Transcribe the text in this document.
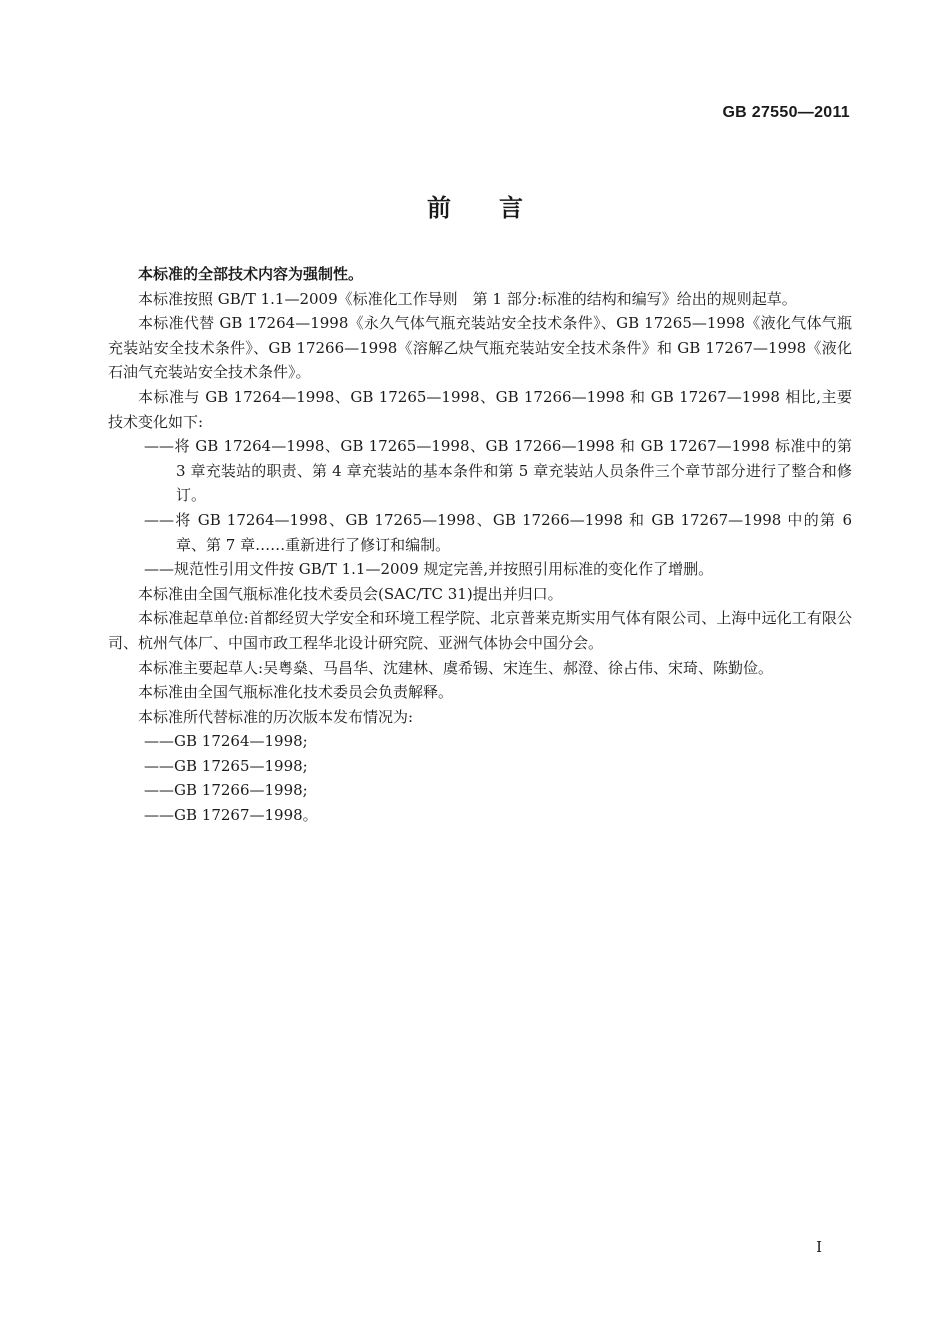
GB 27550—2011
前言

本标准的全部技术内容为强制性。

本标准按照 GB/T 1.1—2009《标准化工作导则　第 1 部分:标准的结构和编写》给出的规则起草。

本标准代替 GB 17264—1998《永久气体气瓶充装站安全技术条件》、GB 17265—1998《液化气体气瓶充装站安全技术条件》、GB 17266—1998《溶解乙炔气瓶充装站安全技术条件》和 GB 17267—1998《液化石油气充装站安全技术条件》。

本标准与 GB 17264—1998、GB 17265—1998、GB 17266—1998 和 GB 17267—1998 相比,主要技术变化如下:

——将 GB 17264—1998、GB 17265—1998、GB 17266—1998 和 GB 17267—1998 标准中的第 3 章充装站的职责、第 4 章充装站的基本条件和第 5 章充装站人员条件三个章节部分进行了整合和修订。

——将 GB 17264—1998、GB 17265—1998、GB 17266—1998 和 GB 17267—1998 中的第 6 章、第 7 章……重新进行了修订和编制。

——规范性引用文件按 GB/T 1.1—2009 规定完善,并按照引用标准的变化作了增删。

本标准由全国气瓶标准化技术委员会(SAC/TC 31)提出并归口。

本标准起草单位:首都经贸大学安全和环境工程学院、北京普莱克斯实用气体有限公司、上海中远化工有限公司、杭州气体厂、中国市政工程华北设计研究院、亚洲气体协会中国分会。

本标准主要起草人:吴粤燊、马昌华、沈建林、虞希锡、宋连生、郝澄、徐占伟、宋琦、陈勤俭。

本标准由全国气瓶标准化技术委员会负责解释。

本标准所代替标准的历次版本发布情况为:

——GB 17264—1998;

——GB 17265—1998;

——GB 17266—1998;

——GB 17267—1998。

I
